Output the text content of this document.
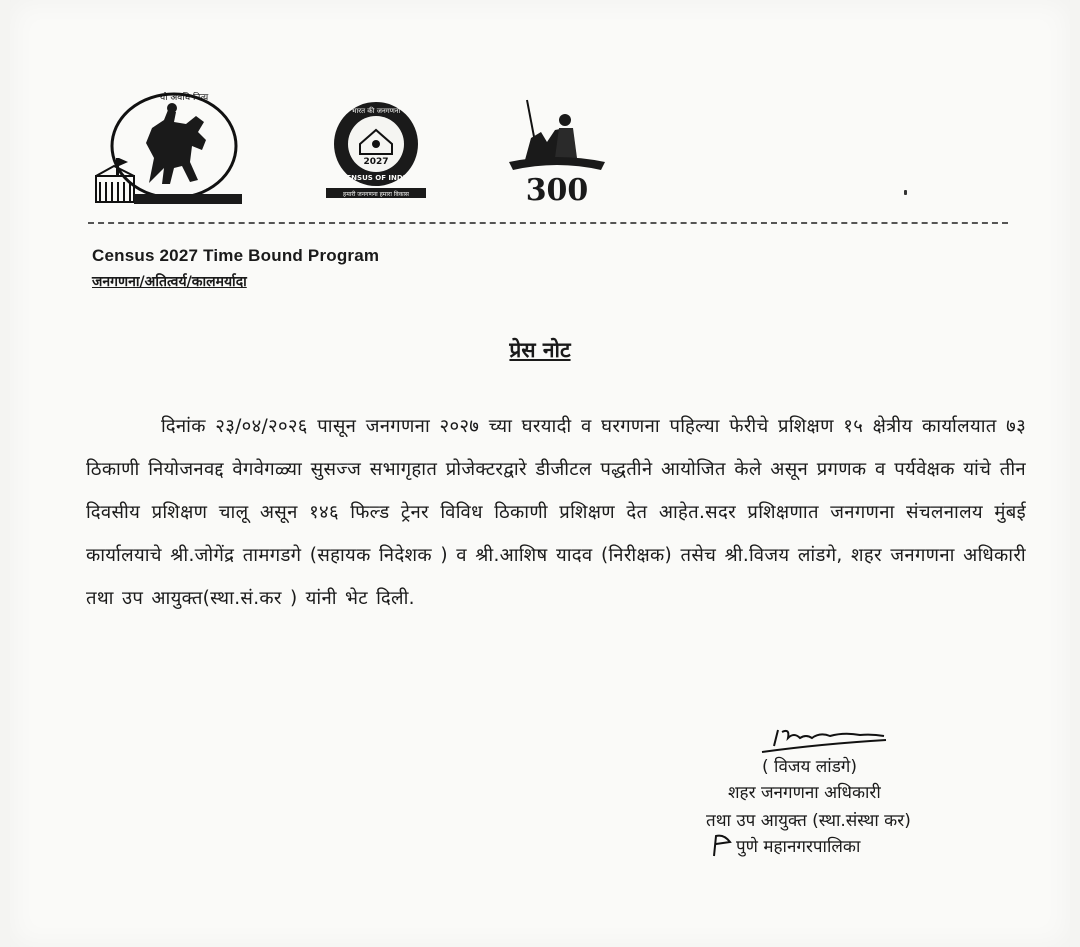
यो अवधि नित्य
2027
भारत की जनगणना
CENSUS OF INDIA
हमारी जनगणना हमारा विकास	300
Census 2027 Time Bound Program
जनगणना/अतित्वर्य/कालमर्यादा
प्रेस नोट
दिनांक २३/०४/२०२६ पासून जनगणना २०२७ च्या घरयादी व घरगणना पहिल्या फेरीचे प्रशिक्षण १५ क्षेत्रीय कार्यालयात ७३ ठिकाणी नियोजनवद्द वेगवेगळ्या सुसज्ज सभागृहात प्रोजेक्टरद्वारे डीजीटल पद्धतीने आयोजित केले असून प्रगणक व पर्यवेक्षक यांचे तीन दिवसीय प्रशिक्षण चालू असून १४६ फिल्ड ट्रेनर विविध ठिकाणी प्रशिक्षण देत आहेत.सदर प्रशिक्षणात जनगणना संचलनालय मुंबई कार्यालयाचे श्री.जोगेंद्र तामगडगे (सहायक निदेशक ) व श्री.आशिष यादव (निरीक्षक) तसेच श्री.विजय लांडगे, शहर जनगणना अधिकारी तथा उप आयुक्त(स्था.सं.कर ) यांनी भेट दिली.
( विजय लांडगे)
शहर जनगणना अधिकारी
तथा उप आयुक्त (स्था.संस्था कर)
पुणे महानगरपालिका
